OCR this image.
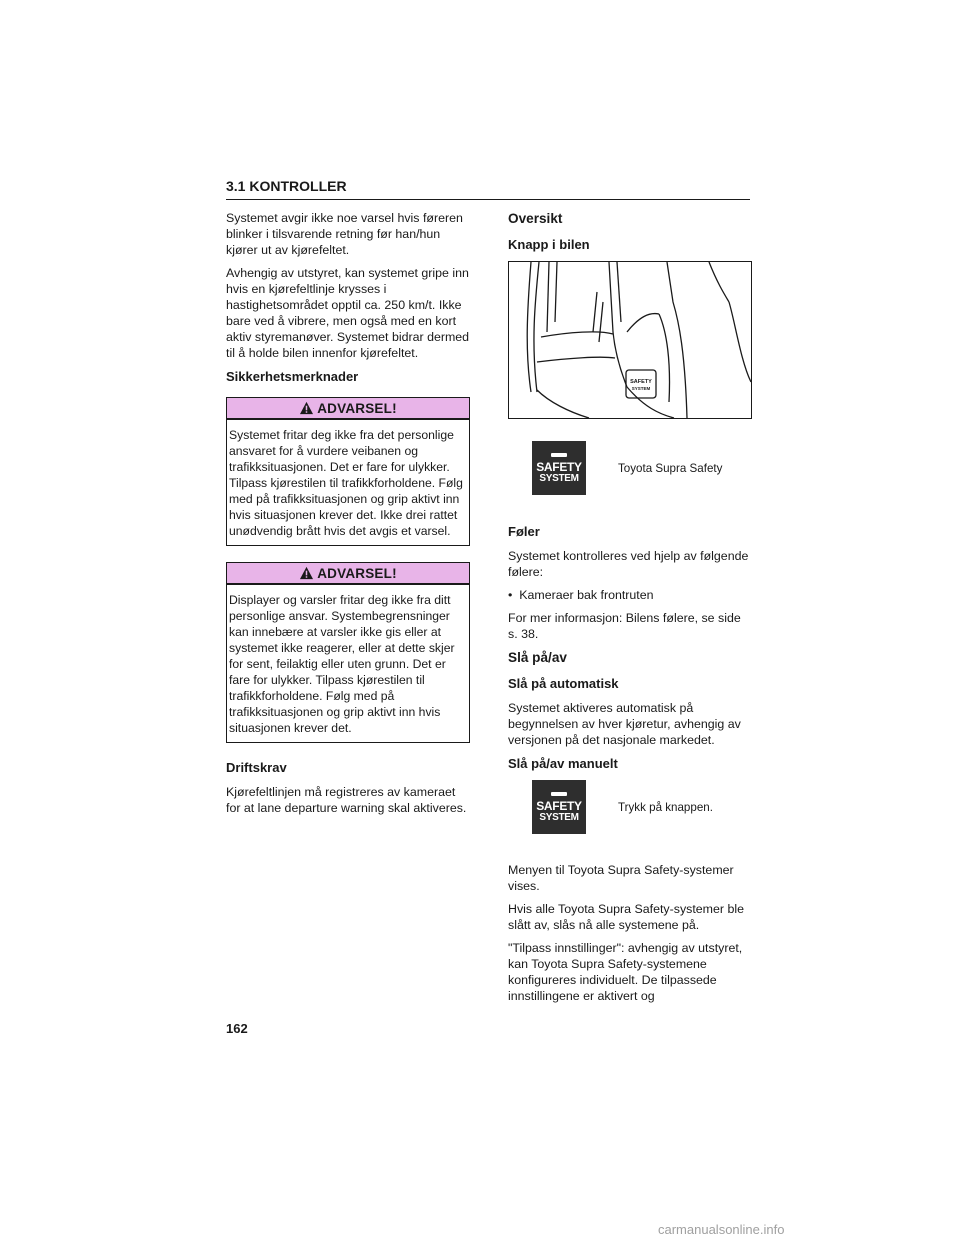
3.1 KONTROLLER

Systemet avgir ikke noe varsel hvis føreren blinker i tilsvarende retning før han/hun kjører ut av kjørefeltet.

Avhengig av utstyret, kan systemet gripe inn hvis en kjørefeltlinje krysses i hastighetsområdet opptil ca. 250 km/t. Ikke bare ved å vibrere, men også med en kort aktiv styremanøver. Systemet bidrar dermed til å holde bilen innenfor kjørefeltet.

Sikkerhetsmerknader
ADVARSEL!
Systemet fritar deg ikke fra det personlige ansvaret for å vurdere veibanen og trafikksituasjonen. Det er fare for ulykker. Tilpass kjørestilen til trafikkforholdene. Følg med på trafikksituasjonen og grip aktivt inn hvis situasjonen krever det. Ikke drei rattet unødvendig brått hvis det avgis et varsel.
ADVARSEL!
Displayer og varsler fritar deg ikke fra ditt personlige ansvar. Systembegrensninger kan innebære at varsler ikke gis eller at systemet ikke reagerer, eller at dette skjer for sent, feilaktig eller uten grunn. Det er fare for ulykker. Tilpass kjørestilen til trafikkforholdene. Følg med på trafikksituasjonen og grip aktivt inn hvis situasjonen krever det.
Driftskrav

Kjørefeltlinjen må registreres av kameraet for at lane departure warning skal aktiveres.

Oversikt
Knapp i bilen
SAFETY
SYSTEM
SAFETY
SYSTEM
Toyota Supra Safety
Føler

Systemet kontrolleres ved hjelp av følgende følere:

•  Kameraer bak frontruten

For mer informasjon: Bilens følere, se side s. 38.

Slå på/av
Slå på automatisk

Systemet aktiveres automatisk på begynnelsen av hver kjøretur, avhengig av versjonen på det nasjonale markedet.

Slå på/av manuelt
SAFETY
SYSTEM
Trykk på knappen.

Menyen til Toyota Supra Safety-systemer vises.

Hvis alle Toyota Supra Safety-systemer ble slått av, slås nå alle systemene på.

"Tilpass innstillinger": avhengig av utstyret, kan Toyota Supra Safety-systemene konfigureres individuelt. De tilpassede innstillingene er aktivert og

162
carmanualsonline.info
